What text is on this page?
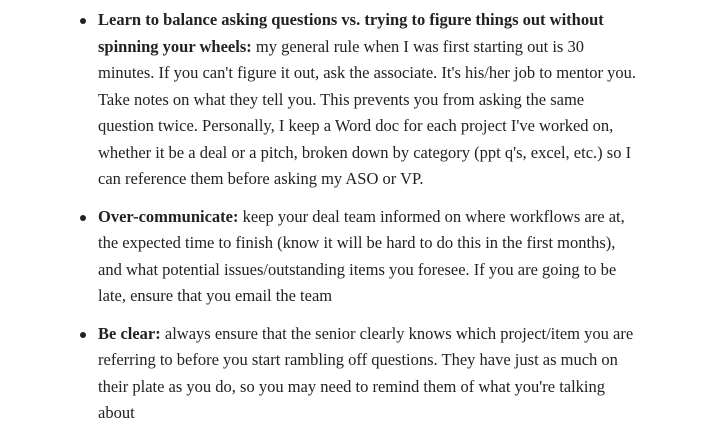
Learn to balance asking questions vs. trying to figure things out without spinning your wheels: my general rule when I was first starting out is 30 minutes. If you can't figure it out, ask the associate. It's his/her job to mentor you. Take notes on what they tell you. This prevents you from asking the same question twice. Personally, I keep a Word doc for each project I've worked on, whether it be a deal or a pitch, broken down by category (ppt q's, excel, etc.) so I can reference them before asking my ASO or VP.
Over-communicate: keep your deal team informed on where workflows are at, the expected time to finish (know it will be hard to do this in the first months), and what potential issues/outstanding items you foresee. If you are going to be late, ensure that you email the team
Be clear: always ensure that the senior clearly knows which project/item you are referring to before you start rambling off questions. They have just as much on their plate as you do, so you may need to remind them of what you're talking about
